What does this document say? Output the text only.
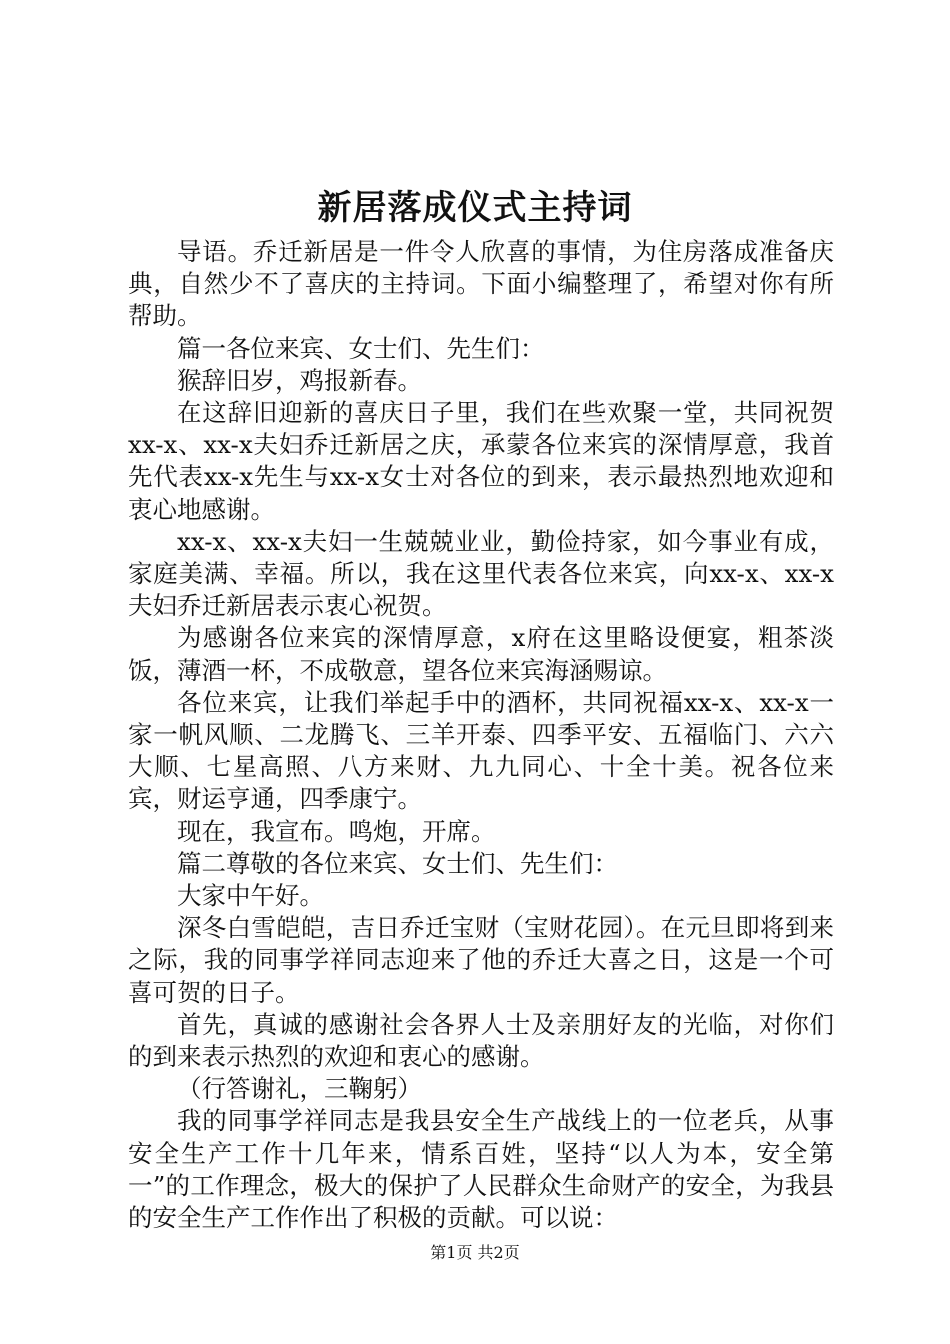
新居落成仪式主持词

导语。乔迁新居是一件令人欣喜的事情，为住房落成准备庆典，自然少不了喜庆的主持词。下面小编整理了，希望对你有所帮助。

篇一各位来宾、女士们、先生们：

猴辞旧岁，鸡报新春。

在这辞旧迎新的喜庆日子里，我们在些欢聚一堂，共同祝贺xx-x、xx-x夫妇乔迁新居之庆，承蒙各位来宾的深情厚意，我首先代表xx-x先生与xx-x女士对各位的到来，表示最热烈地欢迎和衷心地感谢。

xx-x、xx-x夫妇一生兢兢业业，勤俭持家，如今事业有成，家庭美满、幸福。所以，我在这里代表各位来宾，向xx-x、xx-x夫妇乔迁新居表示衷心祝贺。

为感谢各位来宾的深情厚意，x府在这里略设便宴，粗茶淡饭，薄酒一杯，不成敬意，望各位来宾海涵赐谅。

各位来宾，让我们举起手中的酒杯，共同祝福xx-x、xx-x一家一帆风顺、二龙腾飞、三羊开泰、四季平安、五福临门、六六大顺、七星高照、八方来财、九九同心、十全十美。祝各位来宾，财运亨通，四季康宁。

现在，我宣布。鸣炮，开席。

篇二尊敬的各位来宾、女士们、先生们：

大家中午好。

深冬白雪皑皑，吉日乔迁宝财（宝财花园）。在元旦即将到来之际，我的同事学祥同志迎来了他的乔迁大喜之日，这是一个可喜可贺的日子。

首先，真诚的感谢社会各界人士及亲朋好友的光临，对你们的到来表示热烈的欢迎和衷心的感谢。

（行答谢礼，三鞠躬）

我的同事学祥同志是我县安全生产战线上的一位老兵，从事安全生产工作十几年来，情系百姓，坚持“以人为本，安全第一”的工作理念，极大的保护了人民群众生命财产的安全，为我县的安全生产工作作出了积极的贡献。可以说：

第1页 共2页
